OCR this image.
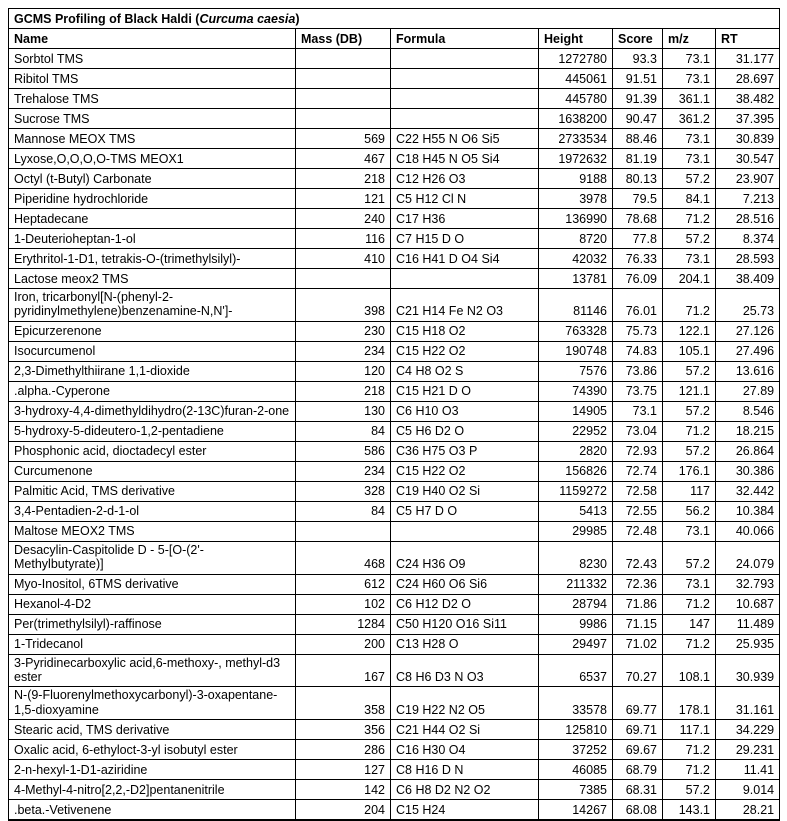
GCMS Profiling of Black Haldi (Curcuma caesia)						
Name	Mass (DB)	Formula	Height	Score	m/z	RT
Sorbtol TMS			1272780	93.3	73.1	31.177
Ribitol TMS			445061	91.51	73.1	28.697
Trehalose TMS			445780	91.39	361.1	38.482
Sucrose TMS			1638200	90.47	361.2	37.395
Mannose MEOX TMS	569	C22 H55 N O6 Si5	2733534	88.46	73.1	30.839
Lyxose,O,O,O,O-TMS MEOX1	467	C18 H45 N O5 Si4	1972632	81.19	73.1	30.547
Octyl (t-Butyl) Carbonate	218	C12 H26 O3	9188	80.13	57.2	23.907
Piperidine hydrochloride	121	C5 H12 Cl N	3978	79.5	84.1	7.213
Heptadecane	240	C17 H36	136990	78.68	71.2	28.516
1-Deuterioheptan-1-ol	116	C7 H15 D O	8720	77.8	57.2	8.374
Erythritol-1-D1, tetrakis-O-(trimethylsilyl)-	410	C16 H41 D O4 Si4	42032	76.33	73.1	28.593
Lactose meox2 TMS			13781	76.09	204.1	38.409
Iron, tricarbonyl[N-(phenyl-2-pyridinylmethylene)benzenamine-N,N']-	398	C21 H14 Fe N2 O3	81146	76.01	71.2	25.73
Epicurzerenone	230	C15 H18 O2	763328	75.73	122.1	27.126
Isocurcumenol	234	C15 H22 O2	190748	74.83	105.1	27.496
2,3-Dimethylthiirane 1,1-dioxide	120	C4 H8 O2 S	7576	73.86	57.2	13.616
.alpha.-Cyperone	218	C15 H21 D O	74390	73.75	121.1	27.89
3-hydroxy-4,4-dimethyldihydro(2-13C)furan-2-one	130	C6 H10 O3	14905	73.1	57.2	8.546
5-hydroxy-5-dideutero-1,2-pentadiene	84	C5 H6 D2 O	22952	73.04	71.2	18.215
Phosphonic acid, dioctadecyl ester	586	C36 H75 O3 P	2820	72.93	57.2	26.864
Curcumenone	234	C15 H22 O2	156826	72.74	176.1	30.386
Palmitic Acid, TMS derivative	328	C19 H40 O2 Si	1159272	72.58	117	32.442
3,4-Pentadien-2-d-1-ol	84	C5 H7 D O	5413	72.55	56.2	10.384
Maltose MEOX2 TMS			29985	72.48	73.1	40.066
Desacylin-Caspitolide D - 5-[O-(2'-Methylbutyrate)]	468	C24 H36 O9	8230	72.43	57.2	24.079
Myo-Inositol, 6TMS derivative	612	C24 H60 O6 Si6	211332	72.36	73.1	32.793
Hexanol-4-D2	102	C6 H12 D2 O	28794	71.86	71.2	10.687
Per(trimethylsilyl)-raffinose	1284	C50 H120 O16 Si11	9986	71.15	147	11.489
1-Tridecanol	200	C13 H28 O	29497	71.02	71.2	25.935
3-Pyridinecarboxylic acid,6-methoxy-, methyl-d3 ester	167	C8 H6 D3 N O3	6537	70.27	108.1	30.939
N-(9-Fluorenylmethoxycarbonyl)-3-oxapentane-1,5-dioxyamine	358	C19 H22 N2 O5	33578	69.77	178.1	31.161
Stearic acid, TMS derivative	356	C21 H44 O2 Si	125810	69.71	117.1	34.229
Oxalic acid, 6-ethyloct-3-yl isobutyl ester	286	C16 H30 O4	37252	69.67	71.2	29.231
2-n-hexyl-1-D1-aziridine	127	C8 H16 D N	46085	68.79	71.2	11.41
4-Methyl-4-nitro[2,2,-D2]pentanenitrile	142	C6 H8 D2 N2 O2	7385	68.31	57.2	9.014
.beta.-Vetivenene	204	C15 H24	14267	68.08	143.1	28.21
